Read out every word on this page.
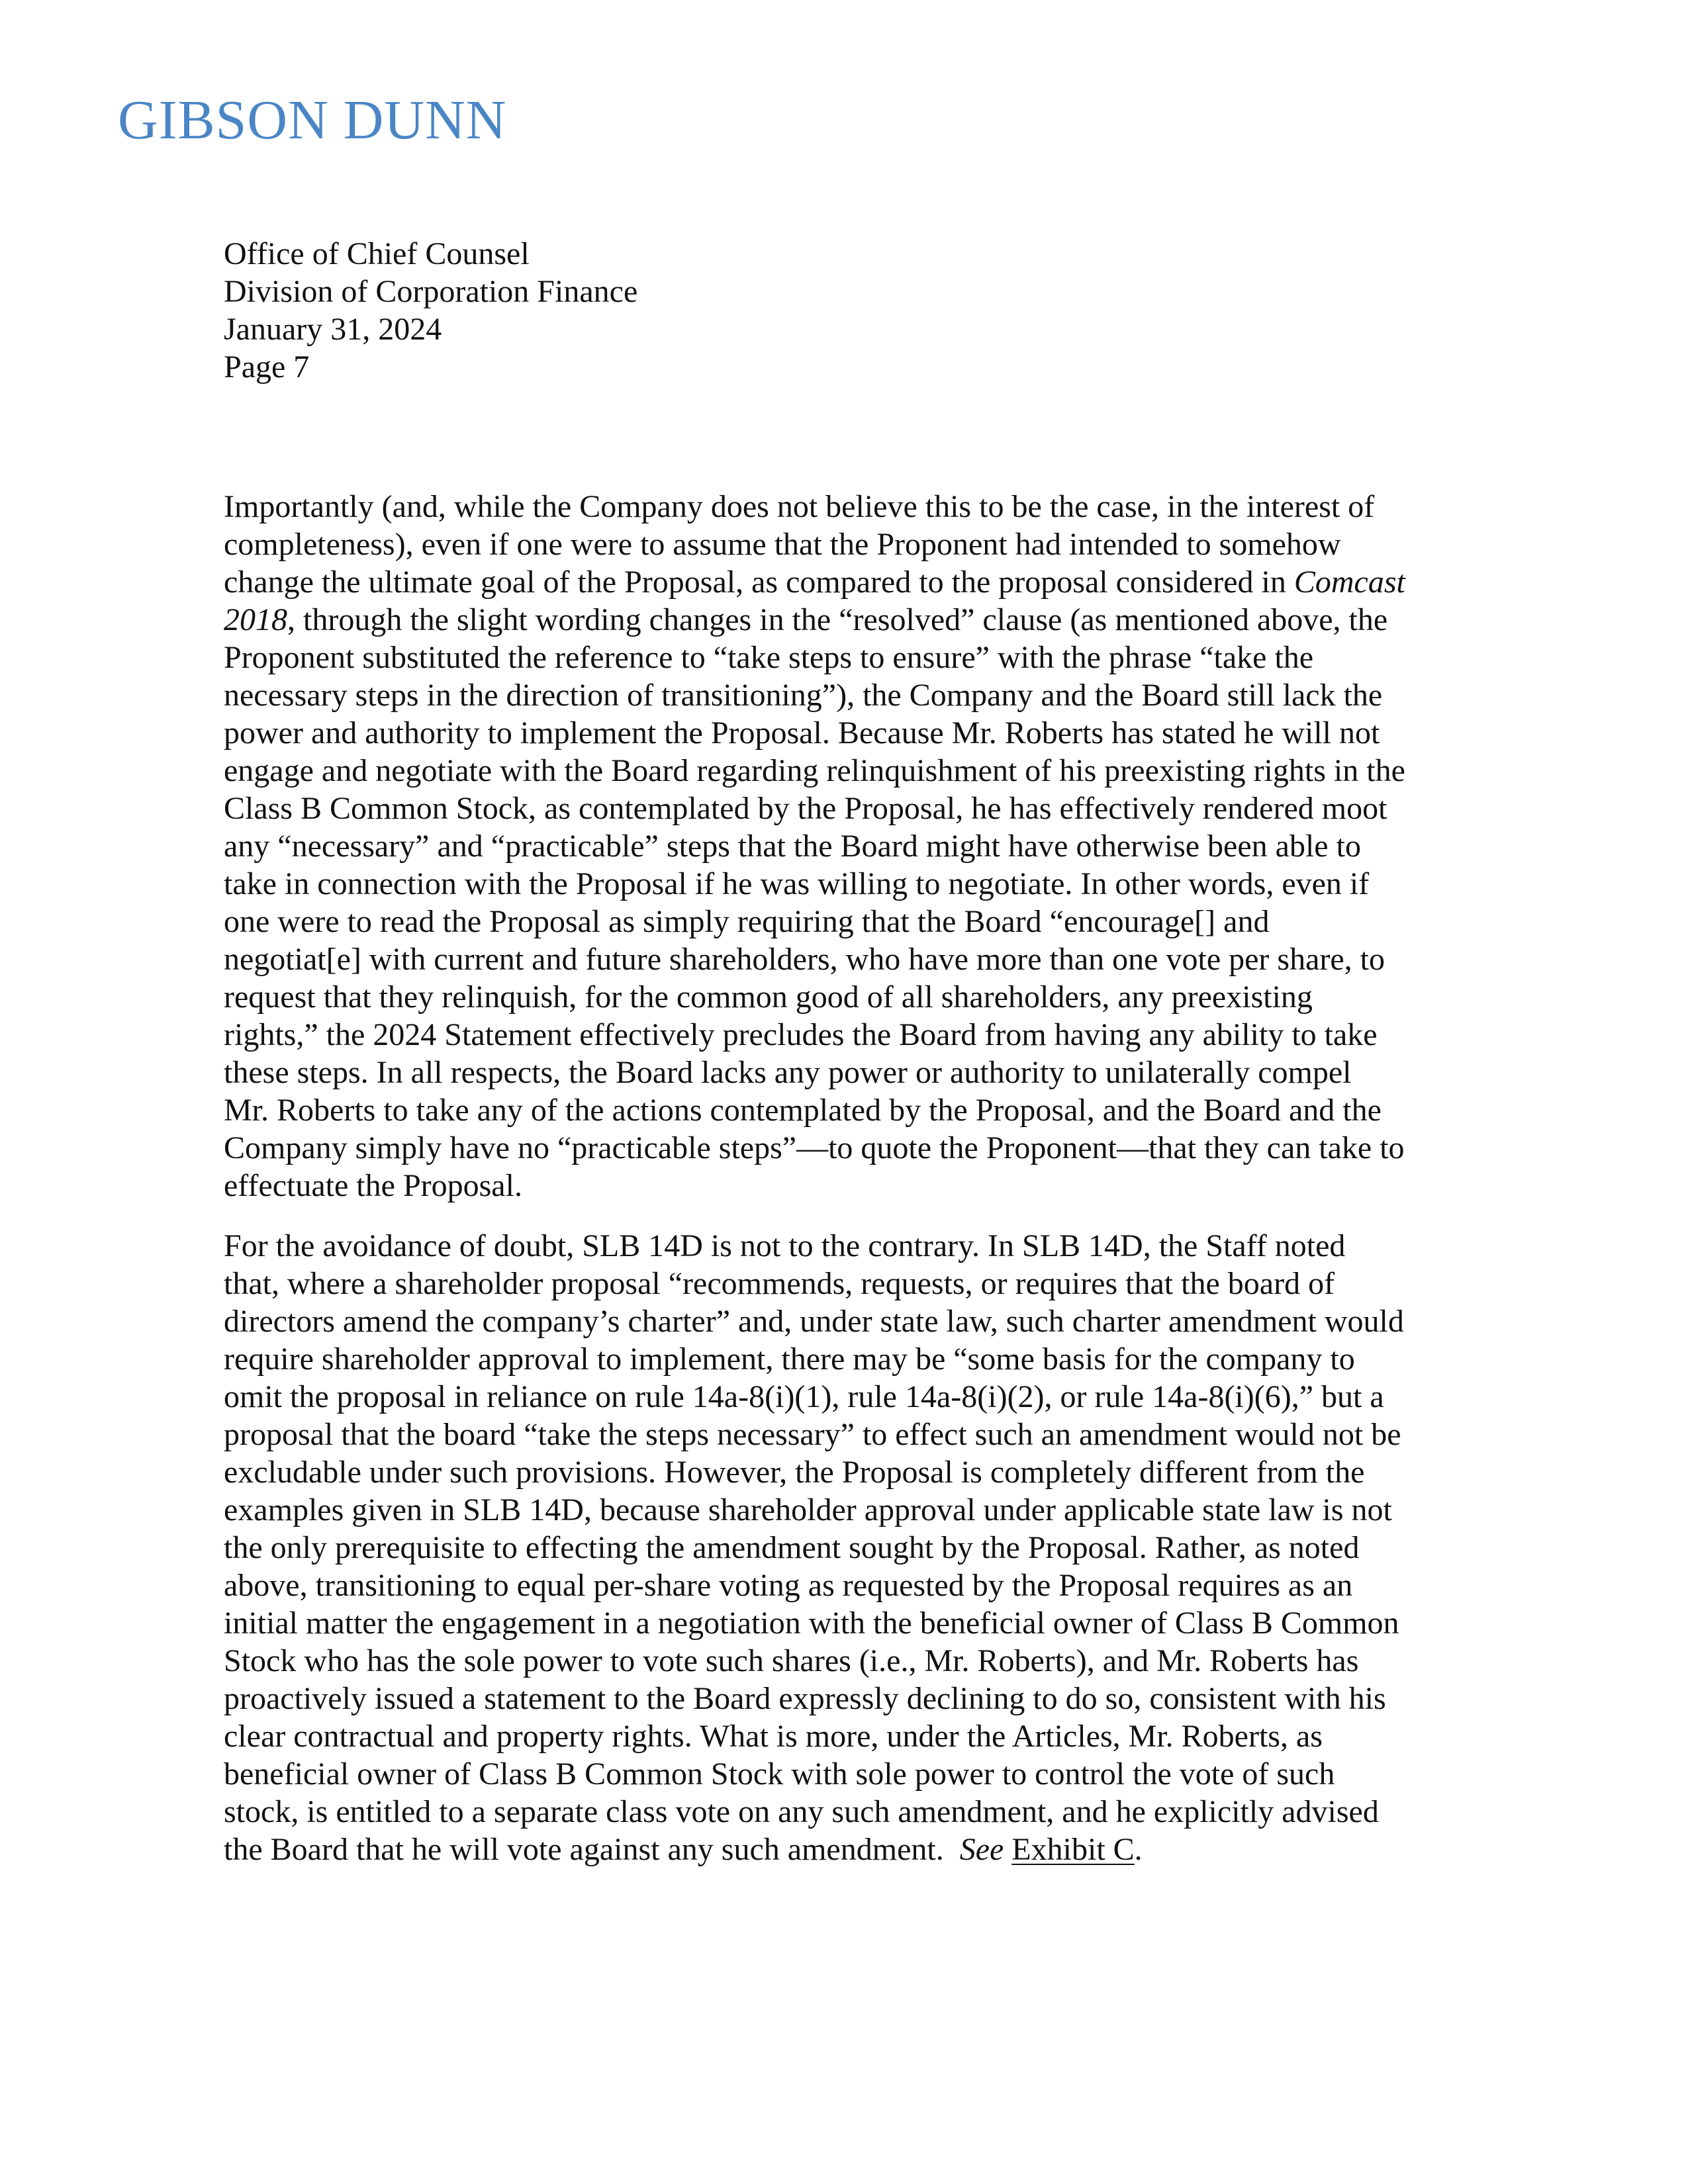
GIBSON DUNN
Office of Chief Counsel
Division of Corporation Finance
January 31, 2024
Page 7
Importantly (and, while the Company does not believe this to be the case, in the interest of
completeness), even if one were to assume that the Proponent had intended to somehow
change the ultimate goal of the Proposal, as compared to the proposal considered in Comcast
2018, through the slight wording changes in the “resolved” clause (as mentioned above, the
Proponent substituted the reference to “take steps to ensure” with the phrase “take the
necessary steps in the direction of transitioning”), the Company and the Board still lack the
power and authority to implement the Proposal. Because Mr. Roberts has stated he will not
engage and negotiate with the Board regarding relinquishment of his preexisting rights in the
Class B Common Stock, as contemplated by the Proposal, he has effectively rendered moot
any “necessary” and “practicable” steps that the Board might have otherwise been able to
take in connection with the Proposal if he was willing to negotiate. In other words, even if
one were to read the Proposal as simply requiring that the Board “encourage[] and
negotiat[e] with current and future shareholders, who have more than one vote per share, to
request that they relinquish, for the common good of all shareholders, any preexisting
rights,” the 2024 Statement effectively precludes the Board from having any ability to take
these steps. In all respects, the Board lacks any power or authority to unilaterally compel
Mr. Roberts to take any of the actions contemplated by the Proposal, and the Board and the
Company simply have no “practicable steps”—to quote the Proponent—that they can take to
effectuate the Proposal.
For the avoidance of doubt, SLB 14D is not to the contrary. In SLB 14D, the Staff noted
that, where a shareholder proposal “recommends, requests, or requires that the board of
directors amend the company’s charter” and, under state law, such charter amendment would
require shareholder approval to implement, there may be “some basis for the company to
omit the proposal in reliance on rule 14a-8(i)(1), rule 14a-8(i)(2), or rule 14a-8(i)(6),” but a
proposal that the board “take the steps necessary” to effect such an amendment would not be
excludable under such provisions. However, the Proposal is completely different from the
examples given in SLB 14D, because shareholder approval under applicable state law is not
the only prerequisite to effecting the amendment sought by the Proposal. Rather, as noted
above, transitioning to equal per-share voting as requested by the Proposal requires as an
initial matter the engagement in a negotiation with the beneficial owner of Class B Common
Stock who has the sole power to vote such shares (i.e., Mr. Roberts), and Mr. Roberts has
proactively issued a statement to the Board expressly declining to do so, consistent with his
clear contractual and property rights. What is more, under the Articles, Mr. Roberts, as
beneficial owner of Class B Common Stock with sole power to control the vote of such
stock, is entitled to a separate class vote on any such amendment, and he explicitly advised
the Board that he will vote against any such amendment.  See Exhibit C.
